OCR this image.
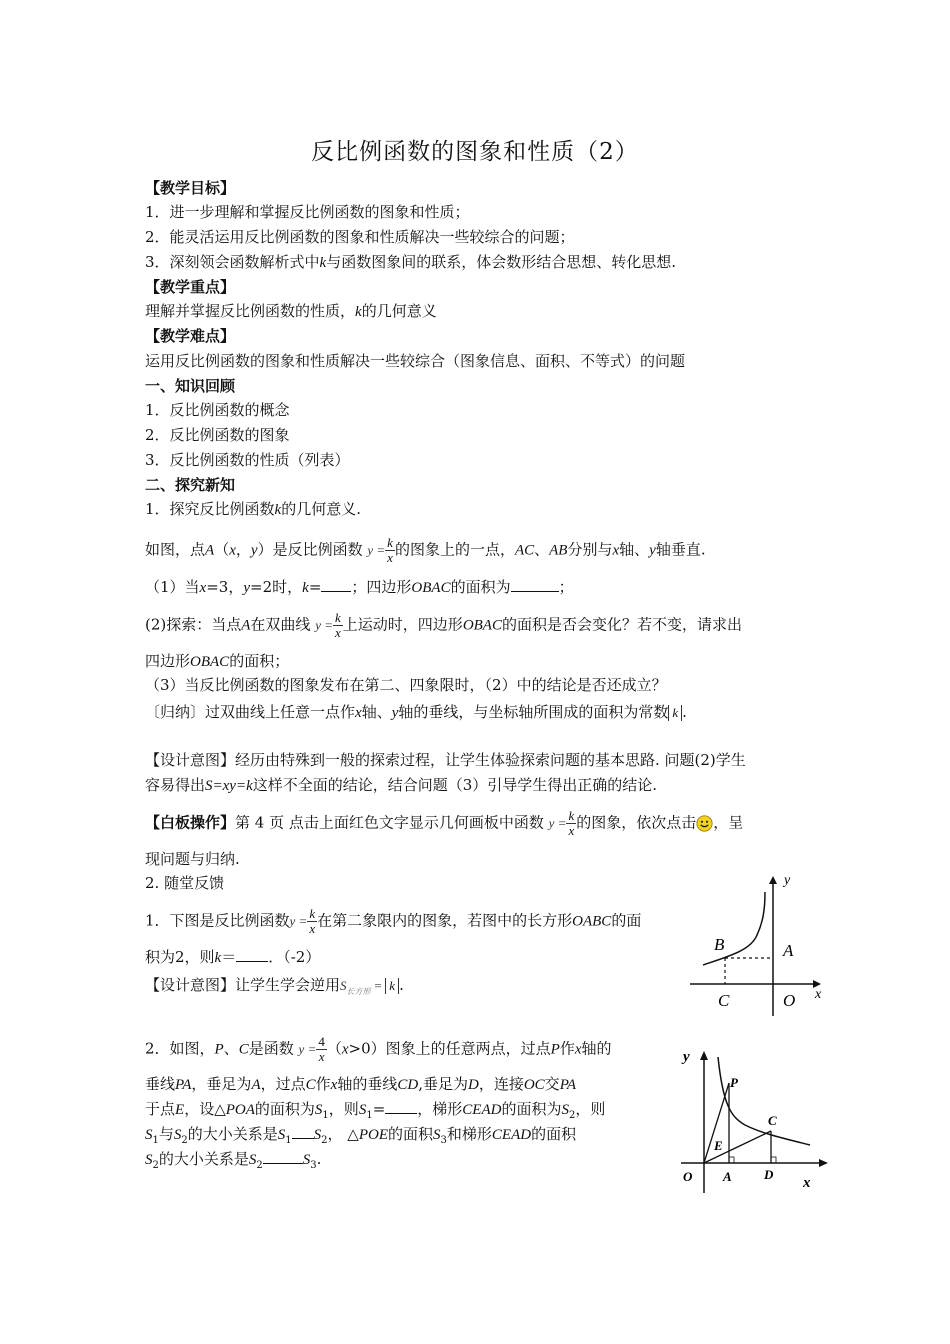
反比例函数的图象和性质（2）
【教学目标】
1．进一步理解和掌握反比例函数的图象和性质；
2．能灵活运用反比例函数的图象和性质解决一些较综合的问题；
3．深刻领会函数解析式中k与函数图象间的联系，体会数形结合思想、转化思想.
【教学重点】
理解并掌握反比例函数的性质，k的几何意义
【教学难点】
运用反比例函数的图象和性质解决一些较综合（图象信息、面积、不等式）的问题
一、知识回顾
1．反比例函数的概念
2．反比例函数的图象
3．反比例函数的性质（列表）
二、探究新知
1．探究反比例函数k的几何意义.
如图，点A（x，y）是反比例函数 $y = \frac{k}{x}$ 的图象上的一点，AC、AB分别与x轴、y轴垂直.
（1）当x=3，y=2时，k= ；四边形OBAC的面积为	；
(2)探索：当点A在双曲线 $y = \frac{k}{x}$ 上运动时，四边形OBAC的面积是否会变化？若不变，请求出
四边形OBAC的面积；
（3）当反比例函数的图象发布在第二、四象限时，（2）中的结论是否还成立？
〔归纳〕过双曲线上任意一点作x轴、y轴的垂线，与坐标轴所围成的面积为常数 k .
【设计意图】经历由特殊到一般的探索过程，让学生体验探索问题的基本思路. 问题(2)学生
容易得出S=xy=k这样不全面的结论，结合问题（3）引导学生得出正确的结论.
【白板操作】第 4 页 点击上面红色文字显示几何画板中函数 $y = \frac{k}{x}$ 的图象，依次点击 ，呈
现问题与归纳.
2. 随堂反馈
1．下图是反比例函数$y = \frac{k}{x}$ 在第二象限内的图象，若图中的长方形OABC的面
积为2，则k＝ ．（-2）
【设计意图】让学生学会逆用$S_{长方形} = k$ .
2．如图，P、C是函数 $y = \frac{4}{x} (x>0)$图象上的任意两点，过点P作x轴的
垂线PA，垂足为A，过点C作x轴的垂线CD,垂足为D，连接OC交PA
于点E，设△POA的面积为$S_1$，则$S_1=$ ，梯形CEAD的面积为$S_2$，则
$S_1$与$S_2$的大小关系是$S_1$ $S_2$， △POE的面积$S_3$和梯形CEAD的面积
$S_2$的大小关系是$S_2$	$S_3$.
y
x
B	A
C	O
y
x
P
C
E
O A D
